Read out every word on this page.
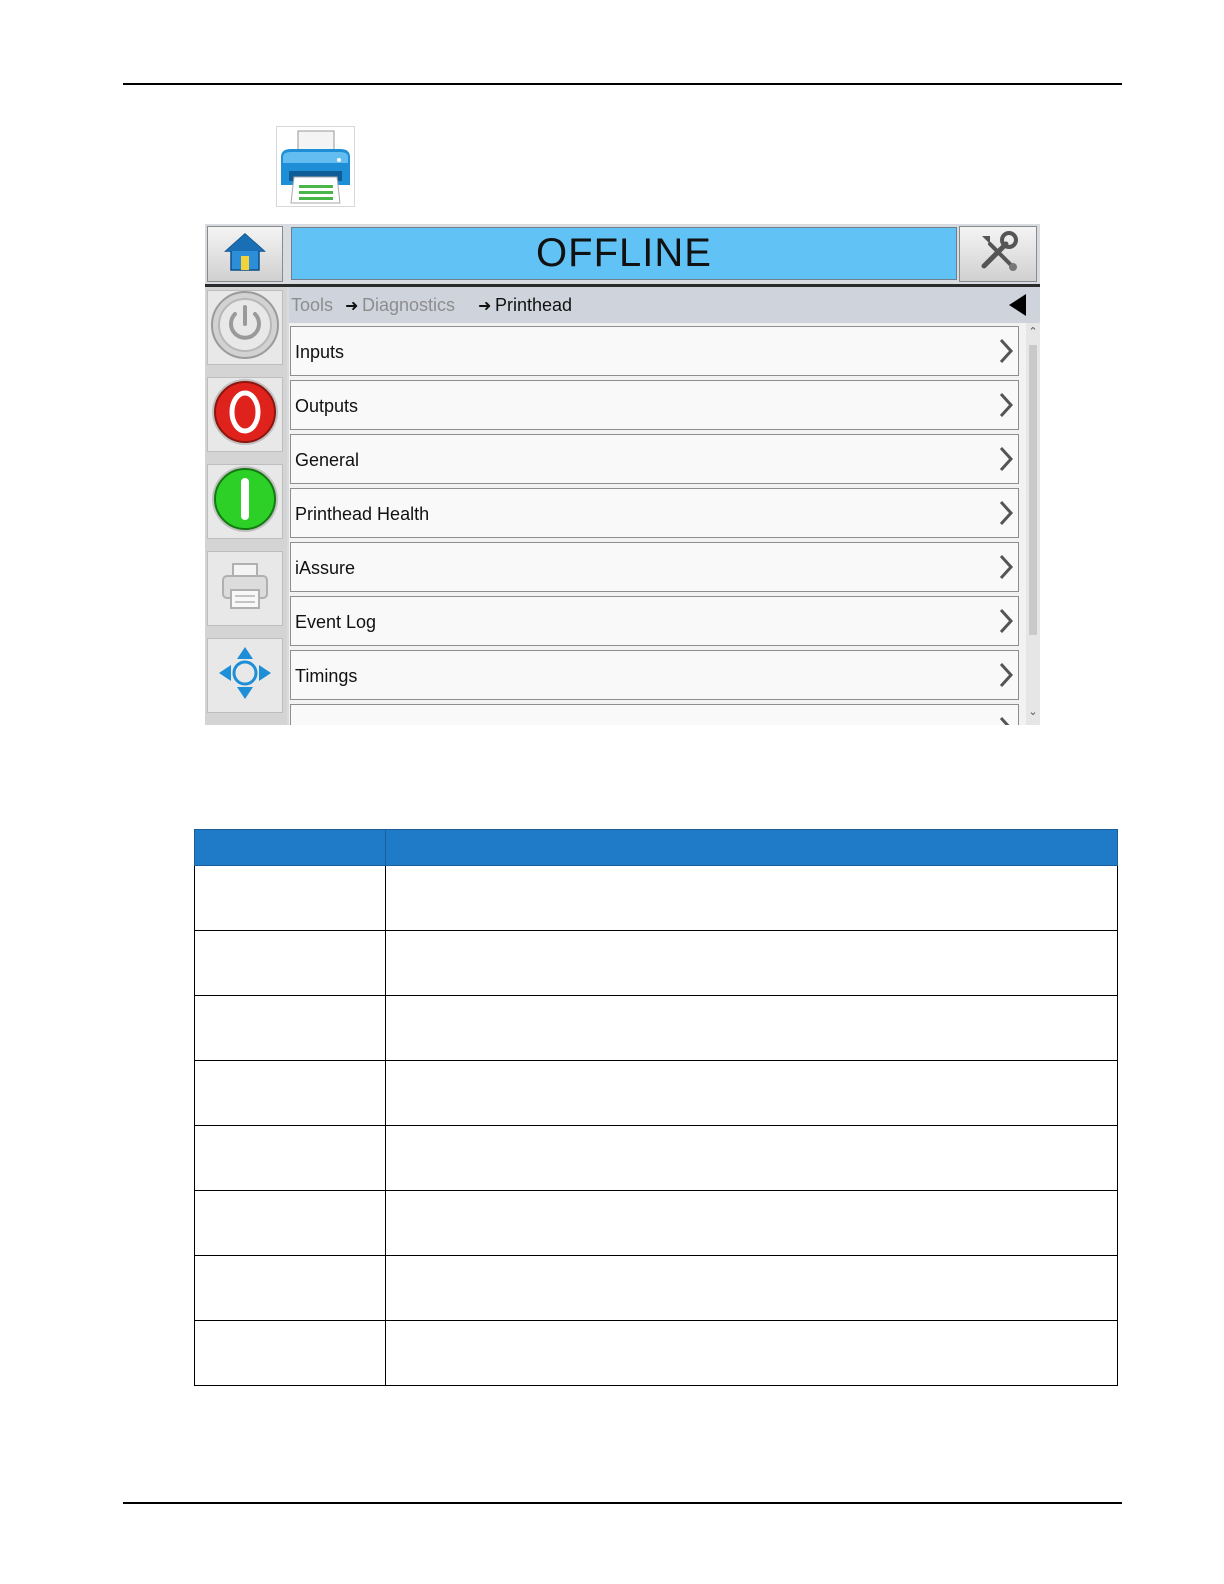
OFFLINE
Tools ➜ Diagnostics ➜ Printhead
Inputs
Outputs
General
Printhead Health
iAssure
Event Log
Timings
⌃
⌄
